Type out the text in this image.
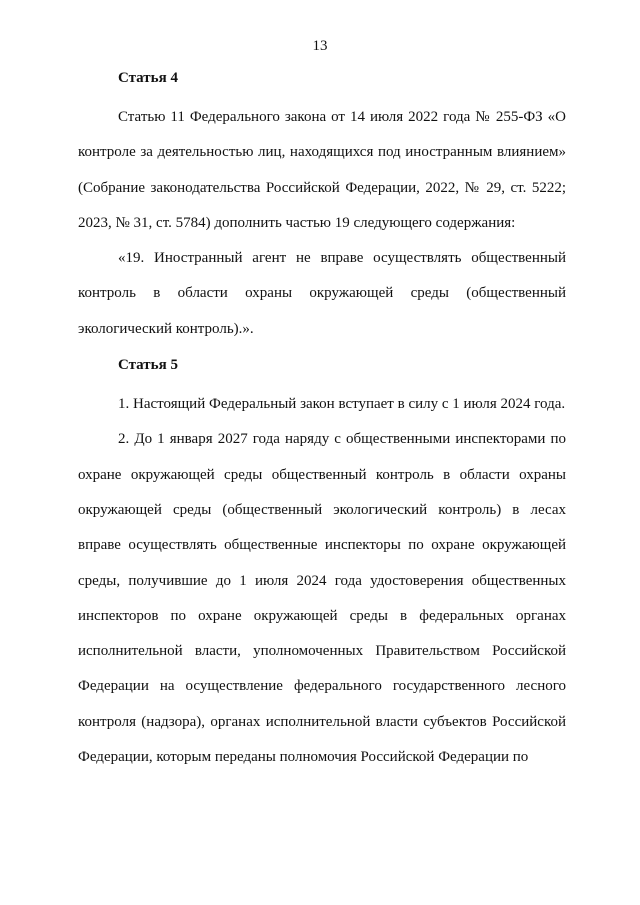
13

Статья 4

Статью 11 Федерального закона от 14 июля 2022 года № 255-ФЗ «О контроле за деятельностью лиц, находящихся под иностранным влиянием» (Собрание законодательства Российской Федерации, 2022, № 29, ст. 5222; 2023, № 31, ст. 5784) дополнить частью 19 следующего содержания:

«19. Иностранный агент не вправе осуществлять общественный контроль в области охраны окружающей среды (общественный экологический контроль).».

Статья 5

1. Настоящий Федеральный закон вступает в силу с 1 июля 2024 года.

2. До 1 января 2027 года наряду с общественными инспекторами по охране окружающей среды общественный контроль в области охраны окружающей среды (общественный экологический контроль) в лесах вправе осуществлять общественные инспекторы по охране окружающей среды, получившие до 1 июля 2024 года удостоверения общественных инспекторов по охране окружающей среды в федеральных органах исполнительной власти, уполномоченных Правительством Российской Федерации на осуществление федерального государственного лесного контроля (надзора), органах исполнительной власти субъектов Российской Федерации, которым переданы полномочия Российской Федерации по
